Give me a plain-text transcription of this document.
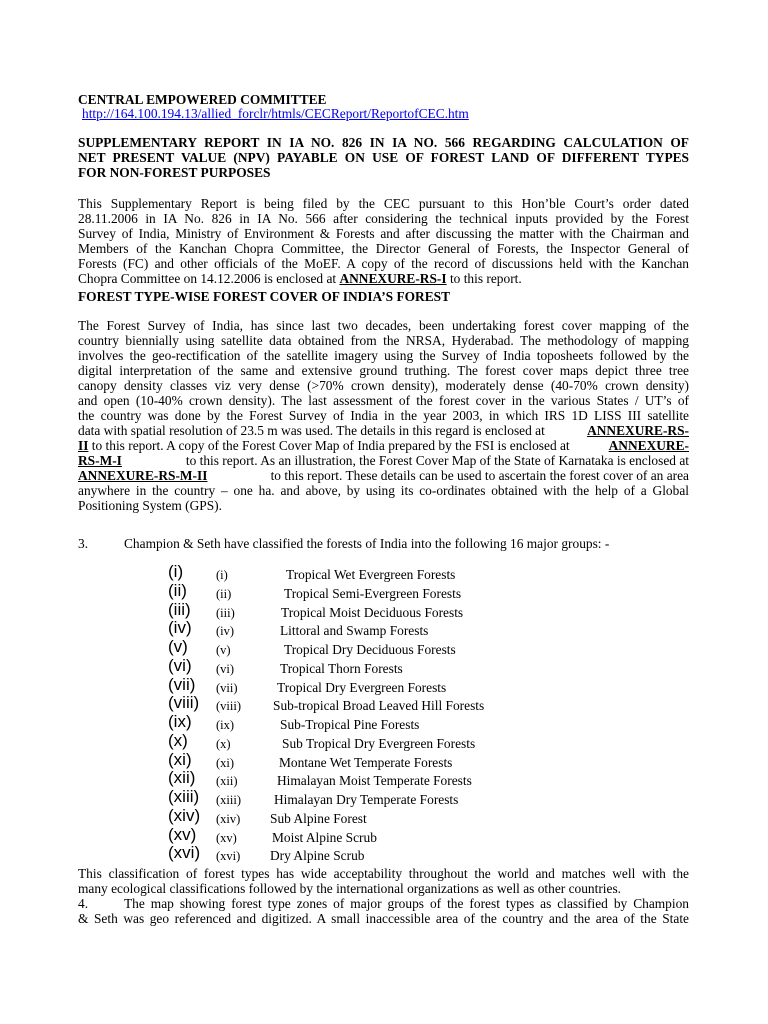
CENTRAL EMPOWERED COMMITTEE
http://164.100.194.13/allied_forclr/htmls/CECReport/ReportofCEC.htm
SUPPLEMENTARY REPORT IN IA NO. 826 IN IA NO. 566 REGARDING CALCULATION OF
NET PRESENT VALUE (NPV) PAYABLE ON USE OF FOREST LAND OF DIFFERENT TYPES
FOR NON-FOREST PURPOSES
This Supplementary Report is being filed by the CEC pursuant to this Hon’ble Court’s order dated
28.11.2006 in IA No. 826 in IA No. 566 after considering the technical inputs provided by the Forest
Survey of India, Ministry of Environment & Forests and after discussing the matter with the Chairman and
Members of the Kanchan Chopra Committee, the Director General of Forests, the Inspector General of
Forests (FC) and other officials of the MoEF. A copy of the record of discussions held with the Kanchan
Chopra Committee on 14.12.2006 is enclosed at ANNEXURE-RS-I to this report.
FOREST TYPE-WISE FOREST COVER OF INDIA’S FOREST
The Forest Survey of India, has since last two decades, been undertaking forest cover mapping of the
country biennially using satellite data obtained from the NRSA, Hyderabad. The methodology of mapping
involves the geo-rectification of the satellite imagery using the Survey of India toposheets followed by the
digital interpretation of the same and extensive ground truthing. The forest cover maps depict three tree
canopy density classes viz very dense (>70% crown density), moderately dense (40-70% crown density)
and open (10-40% crown density). The last assessment of the forest cover in the various States / UT’s of
the country was done by the Forest Survey of India in the year 2003, in which IRS 1D LISS III satellite
data with spatial resolution of 23.5 m was used. The details in this regard is enclosed at	ANNEXURE-RS-
II to this report. A copy of the Forest Cover Map of India prepared by the FSI is enclosed at	ANNEXURE-
RS-M-I	to this report. As an illustration, the Forest Cover Map of the State of Karnataka is enclosed at
ANNEXURE-RS-M-II	to this report. These details can be used to ascertain the forest cover of an area
anywhere in the country – one ha. and above, by using its co-ordinates obtained with the help of a Global
Positioning System (GPS).
3.	Champion & Seth have classified the forests of India into the following 16 major groups: -
(i)	(i)	Tropical Wet Evergreen Forests
(ii) (ii)	Tropical Semi-Evergreen Forests
(iii) (iii)	Tropical Moist Deciduous Forests
(iv) (iv)	Littoral and Swamp Forests
(v) (v)	Tropical Dry Deciduous Forests
(vi) (vi)	Tropical Thorn Forests
(vii) (vii)	Tropical Dry Evergreen Forests
(viii) (viii) Sub-tropical Broad Leaved Hill Forests
(ix) (ix)	Sub-Tropical Pine Forests
(x) (x)	Sub Tropical Dry Evergreen Forests
(xi) (xi)	Montane Wet Temperate Forests
(xii) (xii)	Himalayan Moist Temperate Forests
(xiii) (xiii) Himalayan Dry Temperate Forests
(xiv) (xiv) Sub Alpine Forest
(xv) (xv)	Moist Alpine Scrub
(xvi) (xvi) Dry Alpine Scrub
This classification of forest types has wide acceptability throughout the world and matches well with the
many ecological classifications followed by the international organizations as well as other countries.
4.	The map showing forest type zones of major groups of the forest types as classified by Champion
& Seth was geo referenced and digitized. A small inaccessible area of the country and the area of the State
